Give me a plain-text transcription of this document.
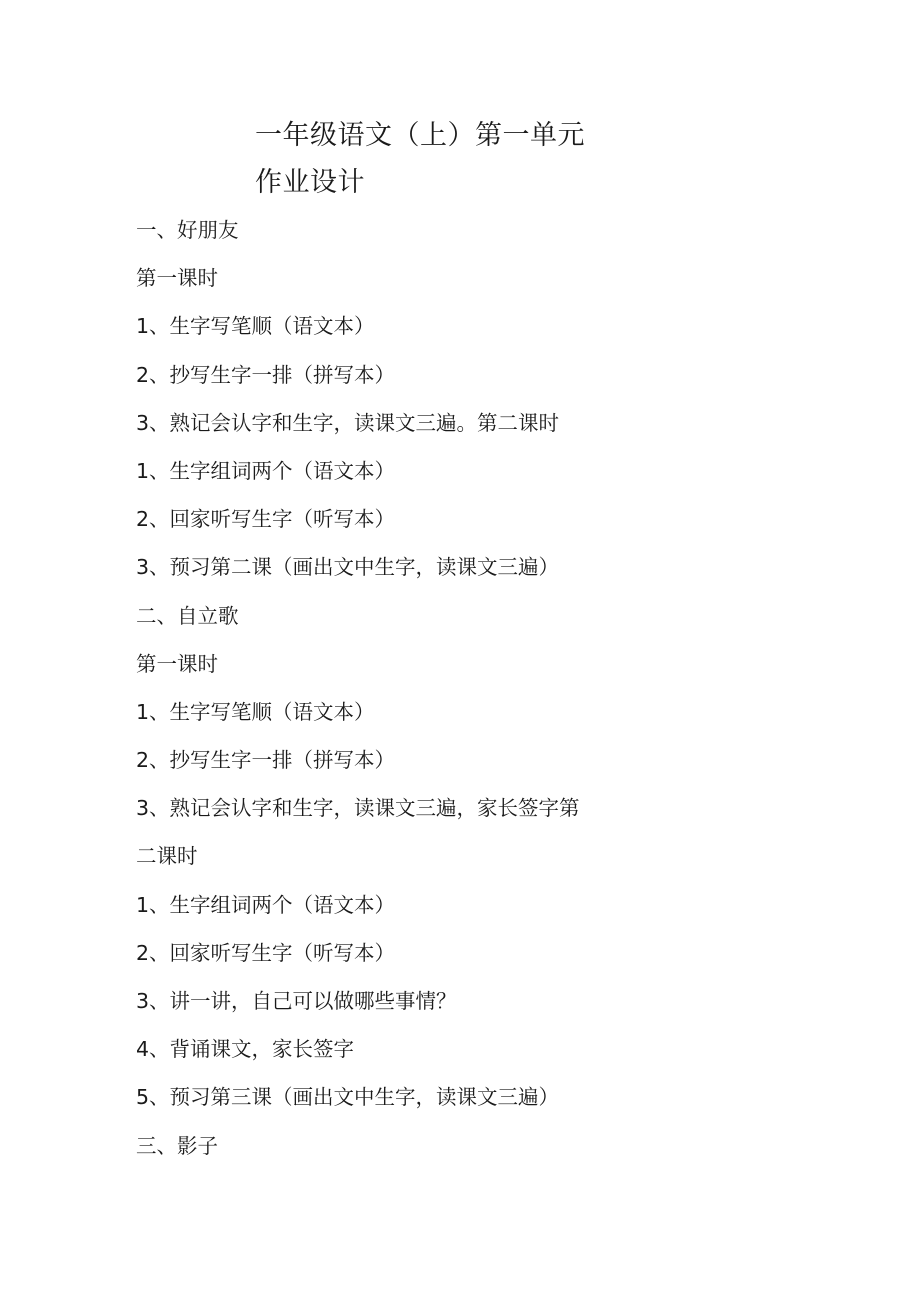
一年级语文（上）第一单元
作业设计
一、好朋友
第一课时
1、生字写笔顺（语文本）
2、抄写生字一排（拼写本）
3、熟记会认字和生字，读课文三遍。第二课时
1、生字组词两个（语文本）
2、回家听写生字（听写本）
3、预习第二课（画出文中生字，读课文三遍）
二、自立歌
第一课时
1、生字写笔顺（语文本）
2、抄写生字一排（拼写本）
3、熟记会认字和生字，读课文三遍，家长签字第
二课时
1、生字组词两个（语文本）
2、回家听写生字（听写本）
3、讲一讲，自己可以做哪些事情？
4、背诵课文，家长签字
5、预习第三课（画出文中生字，读课文三遍）
三、影子
